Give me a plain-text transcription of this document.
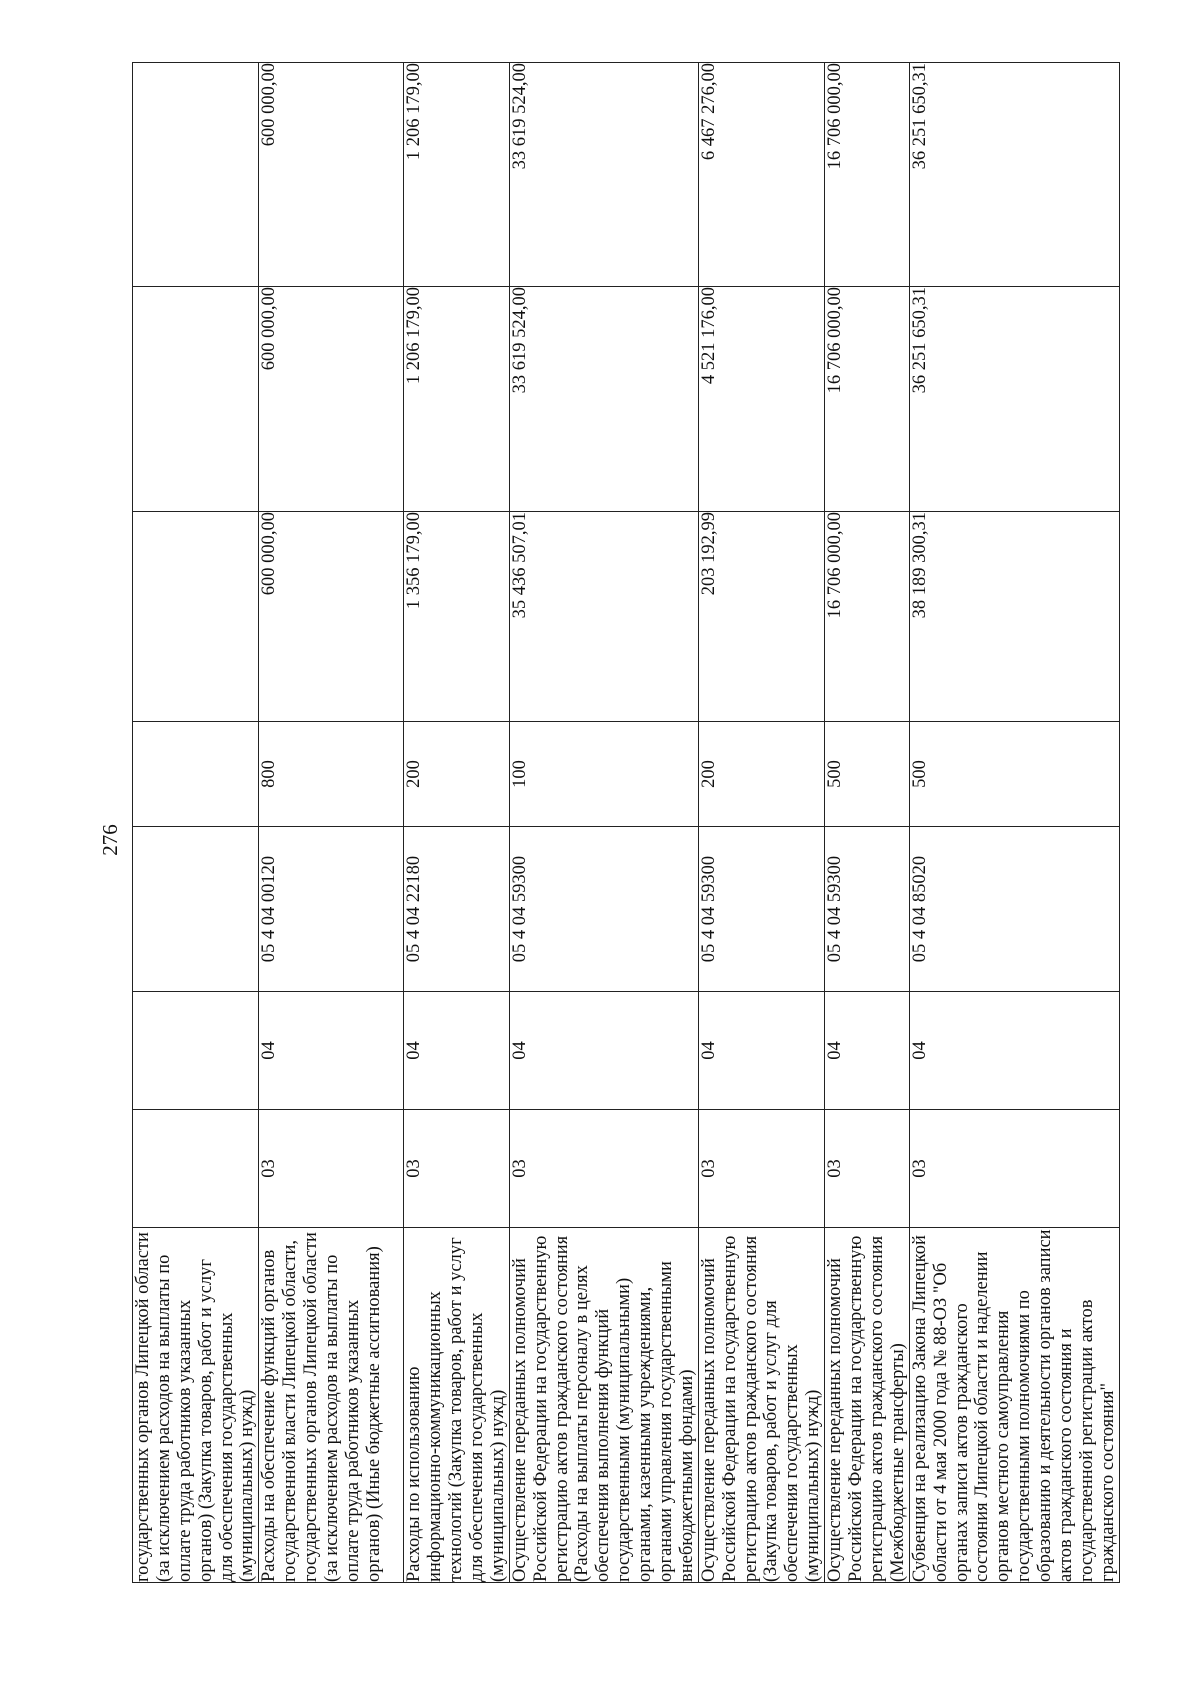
276
государственных органов Липецкой области (за исключением расходов на выплаты по оплате труда работников указанных органов) (Закупка товаров, работ и услуг для обеспечения государственных (муниципальных) нужд)							
Расходы на обеспечение функций органов государственной власти Липецкой области, государственных органов Липецкой области (за исключением расходов на выплаты по оплате труда работников указанных органов) (Иные бюджетные ассигнования)	03	04	05 4 04 00120	800	600 000,00	600 000,00	600 000,00
Расходы по использованию информационно-коммуникационных технологий (Закупка товаров, работ и услуг для обеспечения государственных (муниципальных) нужд)	03	04	05 4 04 22180	200	1 356 179,00	1 206 179,00	1 206 179,00
Осуществление переданных полномочий Российской Федерации на государственную регистрацию актов гражданского состояния (Расходы на выплаты персоналу в целях обеспечения выполнения функций государственными (муниципальными) органами, казенными учреждениями, органами управления государственными внебюджетными фондами)	03	04	05 4 04 59300	100	35 436 507,01	33 619 524,00	33 619 524,00
Осуществление переданных полномочий Российской Федерации на государственную регистрацию актов гражданского состояния (Закупка товаров, работ и услуг для обеспечения государственных (муниципальных) нужд)	03	04	05 4 04 59300	200	203 192,99	4 521 176,00	6 467 276,00
Осуществление переданных полномочий Российской Федерации на государственную регистрацию актов гражданского состояния (Межбюджетные трансферты)	03	04	05 4 04 59300	500	16 706 000,00	16 706 000,00	16 706 000,00
Субвенция на реализацию Закона Липецкой области от 4 мая 2000 года № 88-ОЗ "Об органах записи актов гражданского состояния Липецкой области и наделении органов местного самоуправления государственными полномочиями по образованию и деятельности органов записи актов гражданского состояния и государственной регистрации актов гражданского состояния"	03	04	05 4 04 85020	500	38 189 300,31	36 251 650,31	36 251 650,31
